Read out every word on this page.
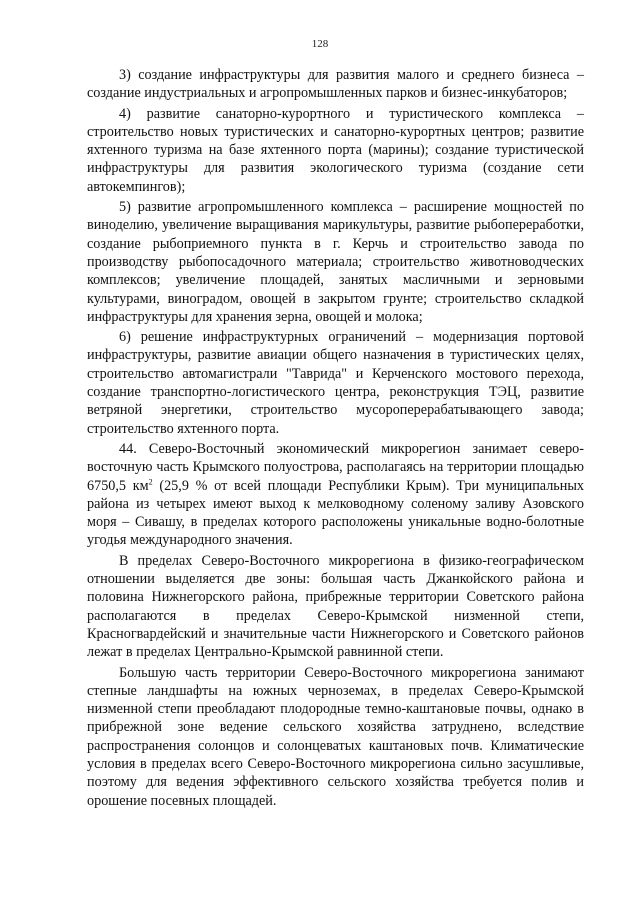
128

3) создание инфраструктуры для развития малого и среднего бизнеса – создание индустриальных и агропромышленных парков и бизнес-инкубаторов;

4) развитие санаторно-курортного и туристического комплекса – строительство новых туристических и санаторно-курортных центров; развитие яхтенного туризма на базе яхтенного порта (марины); создание туристической инфраструктуры для развития экологического туризма (создание сети автокемпингов);

5) развитие агропромышленного комплекса – расширение мощностей по виноделию, увеличение выращивания марикультуры, развитие рыбопереработки, создание рыбоприемного пункта в г. Керчь и строительство завода по производству рыбопосадочного материала; строительство животноводческих комплексов; увеличение площадей, занятых масличными и зерновыми культурами, виноградом, овощей в закрытом грунте; строительство складкой инфраструктуры для хранения зерна, овощей и молока;

6) решение инфраструктурных ограничений – модернизация портовой инфраструктуры, развитие авиации общего назначения в туристических целях, строительство автомагистрали "Таврида" и Керченского мостового перехода, создание транспортно-логистического центра, реконструкция ТЭЦ, развитие ветряной энергетики, строительство мусороперерабатывающего завода; строительство яхтенного порта.

44. Северо-Восточный экономический микрорегион занимает северо-восточную часть Крымского полуострова, располагаясь на территории площадью 6750,5 $км^2$ (25,9 % от всей площади Республики Крым). Три муниципальных района из четырех имеют выход к мелководному соленому заливу Азовского моря – Сивашу, в пределах которого расположены уникальные водно-болотные угодья международного значения.

В пределах Северо-Восточного микрорегиона в физико-географическом отношении выделяется две зоны: большая часть Джанкойского района и половина Нижнегорского района, прибрежные территории Советского района располагаются в пределах Северо-Крымской низменной степи, Красногвардейский и значительные части Нижнегорского и Советского районов лежат в пределах Центрально-Крымской равнинной степи.

Большую часть территории Северо-Восточного микрорегиона занимают степные ландшафты на южных черноземах, в пределах Северо-Крымской низменной степи преобладают плодородные темно-каштановые почвы, однако в прибрежной зоне ведение сельского хозяйства затруднено, вследствие распространения солонцов и солонцеватых каштановых почв. Климатические условия в пределах всего Северо-Восточного микрорегиона сильно засушливые, поэтому для ведения эффективного сельского хозяйства требуется полив и орошение посевных площадей.
